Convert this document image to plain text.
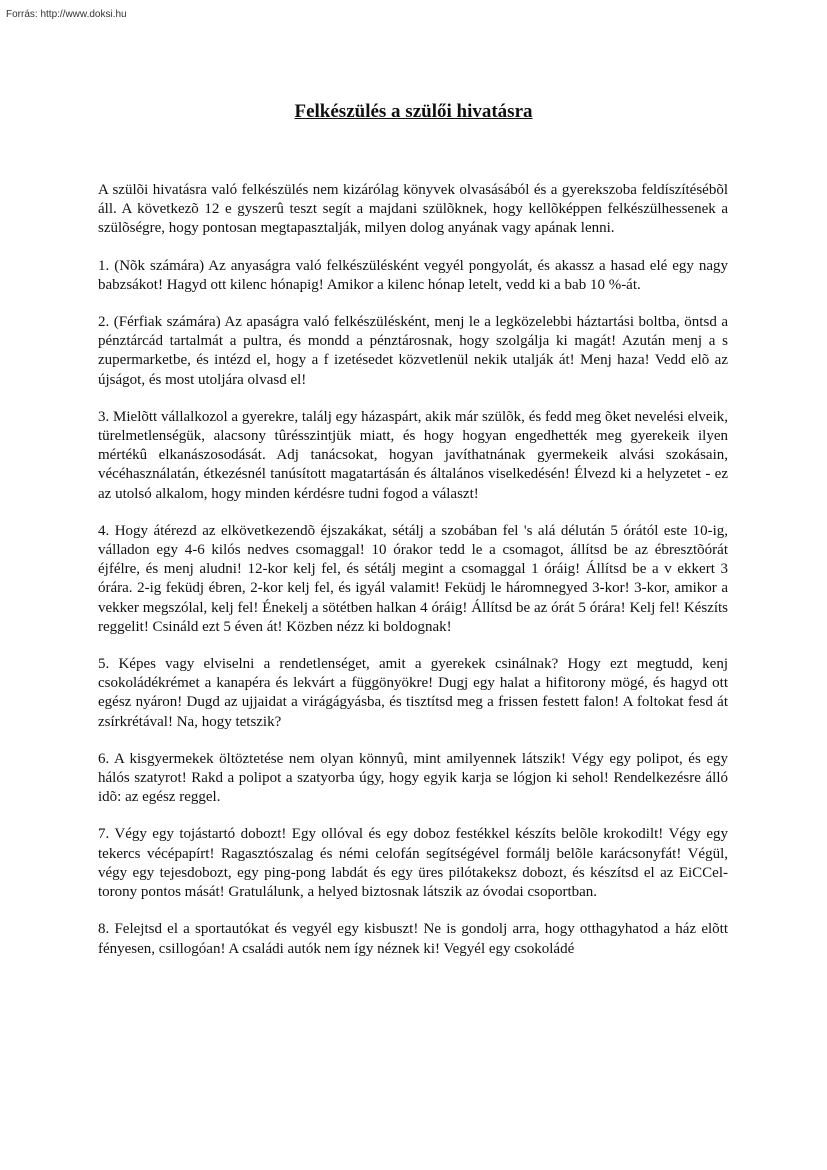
Forrás: http://www.doksi.hu
Felkészülés a szülői hivatásra

A szülõi hivatásra való felkészülés nem kizárólag könyvek olvasásából és a gyerekszoba feldíszítésébõl áll. A következõ 12 e gyszerû teszt segít a majdani szülõknek, hogy kellõképpen felkészülhessenek a szülõségre, hogy pontosan megtapasztalják, milyen dolog anyának vagy apának lenni.

1. (Nõk számára) Az anyaságra való felkészülésként vegyél pongyolát, és akassz a hasad elé egy nagy babzsákot! Hagyd ott kilenc hónapig! Amikor a kilenc hónap letelt, vedd ki a bab 10 %-át.

2. (Férfiak számára) Az apaságra való felkészülésként, menj le a legközelebbi háztartási boltba, öntsd a pénztárcád tartalmát a pultra, és mondd a pénztárosnak, hogy szolgálja ki magát! Azután menj a s zupermarketbe, és intézd el, hogy a f izetésedet közvetlenül nekik utalják át! Menj haza! Vedd elõ az újságot, és most utoljára olvasd el!

3. Mielõtt vállalkozol a gyerekre, találj egy házaspárt, akik már szülõk, és fedd meg õket nevelési elveik, türelmetlenségük, alacsony tûrésszintjük miatt, és hogy hogyan engedhették meg gyerekeik ilyen mértékû elkanászosodását. Adj tanácsokat, hogyan javíthatnának gyermekeik alvási szokásain, vécéhasználatán, étkezésnél tanúsított magatartásán és általános viselkedésén! Élvezd ki a helyzetet - ez az utolsó alkalom, hogy minden kérdésre tudni fogod a választ!

4. Hogy átérezd az elkövetkezendõ éjszakákat, sétálj a szobában fel 's alá délután 5 órától este 10-ig, válladon egy 4-6 kilós nedves csomaggal! 10 órakor tedd le a csomagot, állítsd be az ébresztõórát éjfélre, és menj aludni! 12-kor kelj fel, és sétálj megint a csomaggal 1 óráig! Állítsd be a v ekkert 3 órára. 2-ig feküdj ébren, 2-kor kelj fel, és igyál valamit! Feküdj le háromnegyed 3-kor! 3-kor, amikor a vekker megszólal, kelj fel! Énekelj a sötétben halkan 4 óráig! Állítsd be az órát 5 órára! Kelj fel! Készíts reggelit! Csináld ezt 5 éven át! Közben nézz ki boldognak!

5. Képes vagy elviselni a rendetlenséget, amit a gyerekek csinálnak? Hogy ezt megtudd, kenj csokoládékrémet a kanapéra és lekvárt a függönyökre! Dugj egy halat a hifitorony mögé, és hagyd ott egész nyáron! Dugd az ujjaidat a virágágyásba, és tisztítsd meg a frissen festett falon! A foltokat fesd át zsírkrétával! Na, hogy tetszik?

6. A kisgyermekek öltöztetése nem olyan könnyû, mint amilyennek látszik! Végy egy polipot, és egy hálós szatyrot! Rakd a polipot a szatyorba úgy, hogy egyik karja se lógjon ki sehol! Rendelkezésre álló idõ: az egész reggel.

7. Végy egy tojástartó dobozt! Egy ollóval és egy doboz festékkel készíts belõle krokodilt! Végy egy tekercs vécépapírt! Ragasztószalag és némi celofán segítségével formálj belõle karácsonyfát! Végül, végy egy tejesdobozt, egy ping-pong labdát és egy üres pilótakeksz dobozt, és készítsd el az EiCCel-torony pontos mását! Gratulálunk, a helyed biztosnak látszik az óvodai csoportban.

8. Felejtsd el a sportautókat és vegyél egy kisbuszt! Ne is gondolj arra, hogy otthagyhatod a ház elõtt fényesen, csillogóan! A családi autók nem így néznek ki! Vegyél egy csokoládé
